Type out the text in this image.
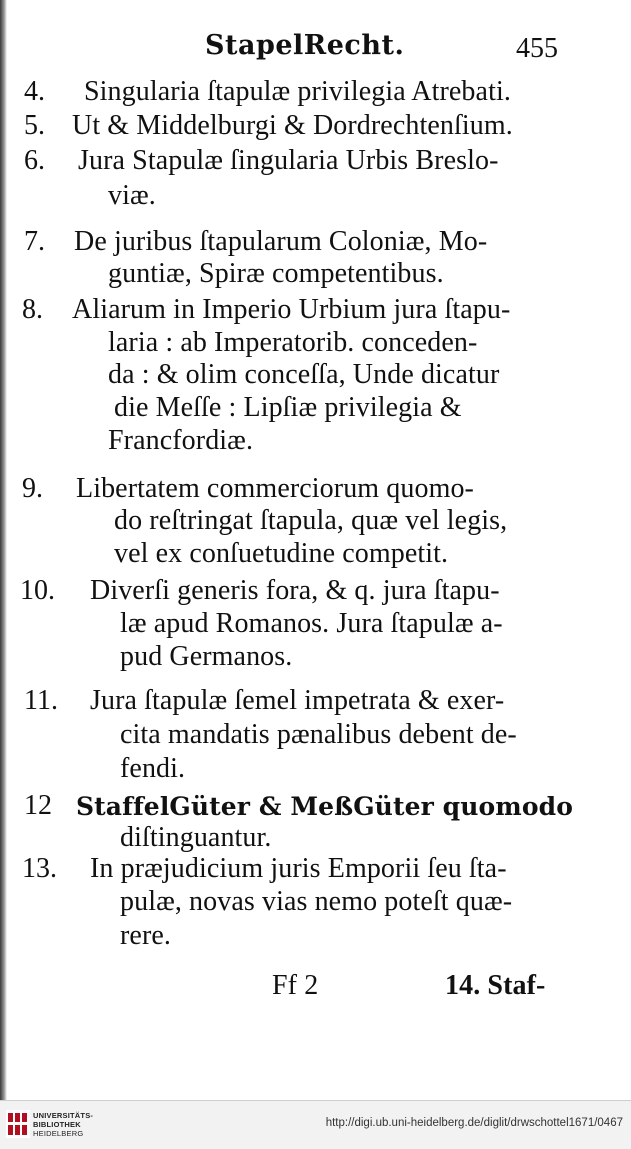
StapelRecht.	455
4. Singularia ſtapulæ privilegia Atrebati.
5. Ut & Middelburgi & Dordrechtenſium.
6. Jura Stapulæ ſingularia Urbis Breslo-
viæ.
7. De juribus ſtapularum Coloniæ, Mo-
guntiæ, Spiræ competentibus.
8. Aliarum in Imperio Urbium jura ſtapu-
laria : ab Imperatorib. conceden-
da : & olim conceſſa, Unde dicatur
die Meſſe : Lipſiæ privilegia &
Francfordiæ.
9. Libertatem commerciorum quomo-
do reſtringat ſtapula, quæ vel legis,
vel ex conſuetudine competit.
10. Diverſi generis fora, & q. jura ſtapu-
læ apud Romanos. Jura ſtapulæ a-
pud Germanos.
11. Jura ſtapulæ ſemel impetrata & exer-
cita mandatis pænalibus debent de-
fendi.
12 StaffelGüter & MeßGüter quomodo
diſtinguantur.
13. In præjudicium juris Emporii ſeu ſta-
pulæ, novas vias nemo poteſt quæ-
rere.
Ff 2	14. Staf-
UNIVERSITÄTS-
BIBLIOTHEK
HEIDELBERG
http://digi.ub.uni-heidelberg.de/diglit/drwschottel1671/0467
